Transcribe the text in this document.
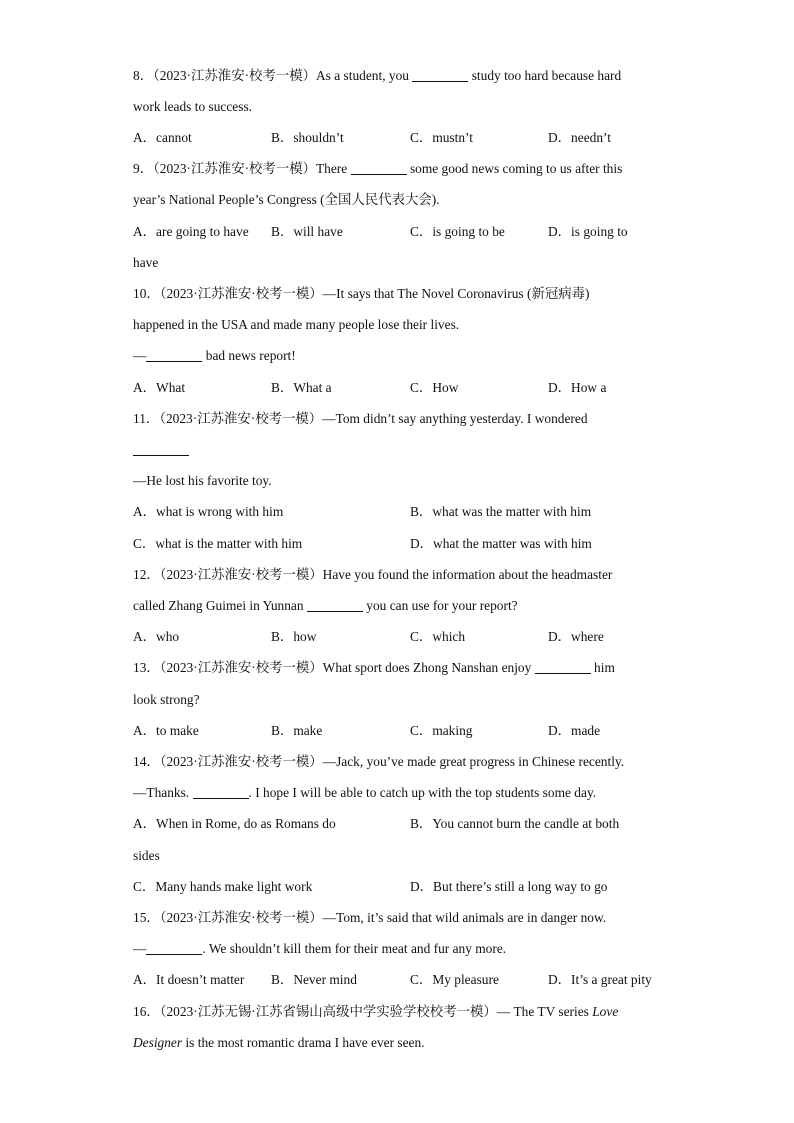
8．（2023·江苏淮安·校考一模）As a student, you	study too hard because hard
work leads to success.
A．cannot	B．shouldn’t	C．mustn’t	D．needn’t
9．（2023·江苏淮安·校考一模）There	some good news coming to us after this
year’s National People’s Congress (全国人民代表大会).
A．are going to have B．will have	C．is going to be	D．is going to
have
10．（2023·江苏淮安·校考一模）—It says that The Novel Coronavirus (新冠病毒)
happened in the USA and made many people lose their lives.
—	bad news report!
A．What	B．What a	C．How	D．How a
11．（2023·江苏淮安·校考一模）—Tom didn’t say anything yesterday. I wondered
—He lost his favorite toy.
A．what is wrong with him	B．what was the matter with him
C．what is the matter with him	D．what the matter was with him
12．（2023·江苏淮安·校考一模）Have you found the information about the headmaster
called Zhang Guimei in Yunnan	you can use for your report?
A．who	B．how	C．which	D．where
13．（2023·江苏淮安·校考一模）What sport does Zhong Nanshan enjoy	him
look strong?
A．to make	B．make	C．making	D．made
14．（2023·江苏淮安·校考一模）—Jack, you’ve made great progress in Chinese recently.
—Thanks.	. I hope I will be able to catch up with the top students some day.
A．When in Rome, do as Romans do	B．You cannot burn the candle at both
sides
C．Many hands make light work	D．But there’s still a long way to go
15．（2023·江苏淮安·校考一模）—Tom, it’s said that wild animals are in danger now.
—	. We shouldn’t kill them for their meat and fur any more.
A．It doesn’t matter B．Never mind	C．My pleasure	D．It’s a great pity
16．（2023·江苏无锡·江苏省锡山高级中学实验学校校考一模）— The TV series Love
Designer is the most romantic drama I have ever seen.
